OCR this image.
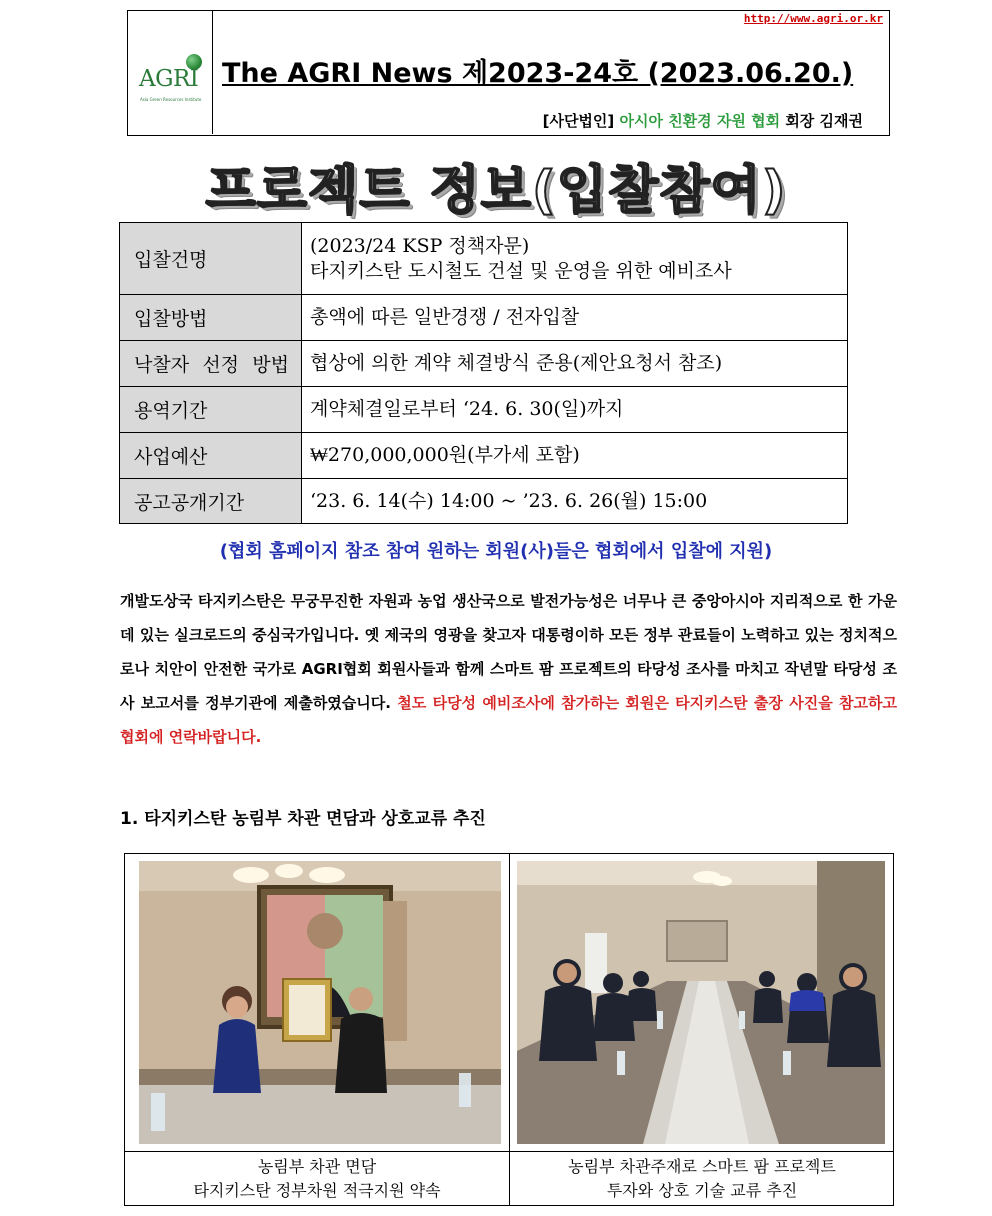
AGRI
Asia Green Resources Institute
http://www.agri.or.kr
The AGRI News 제2023-24호 (2023.06.20.)
[사단법인] 아시아 친환경 자원 협회 회장 김재권
프로젝트 정보(입찰참여)
입찰건명	(2023/24 KSP 정책자문)
타지키스탄 도시철도 건설 및 운영을 위한 예비조사

입찰방법	총액에 따른 일반경쟁 / 전자입찰

낙찰자 선정 방법	협상에 의한 계약 체결방식 준용(제안요청서 참조)

용역기간	계약체결일로부터 ‘24. 6. 30(일)까지

사업예산	₩270,000,000원(부가세 포함)

공고공개기간	‘23. 6. 14(수) 14:00 ~ ’23. 6. 26(월) 15:00
(협회 홈페이지 참조 참여 원하는 회원(사)들은 협회에서 입찰에 지원)
개발도상국 타지키스탄은 무궁무진한 자원과 농업 생산국으로 발전가능성은 너무나 큰 중앙아시아 지리적으로 한 가운데 있는 실크로드의 중심국가입니다. 옛 제국의 영광을 찾고자 대통령이하 모든 정부 관료들이 노력하고 있는 정치적으로나 치안이 안전한 국가로 AGRI협회 회원사들과 함께 스마트 팜 프로젝트의 타당성 조사를 마치고 작년말 타당성 조사 보고서를 정부기관에 제출하였습니다. 철도 타당성 예비조사에 참가하는 회원은 타지키스탄 출장 사진을 참고하고 협회에 연락바랍니다.
1. 타지키스탄 농림부 차관 면담과 상호교류 추진
농림부 차관 면담
타지키스탄 정부차원 적극지원 약속
농림부 차관주재로 스마트 팜 프로젝트
투자와 상호 기술 교류 추진
